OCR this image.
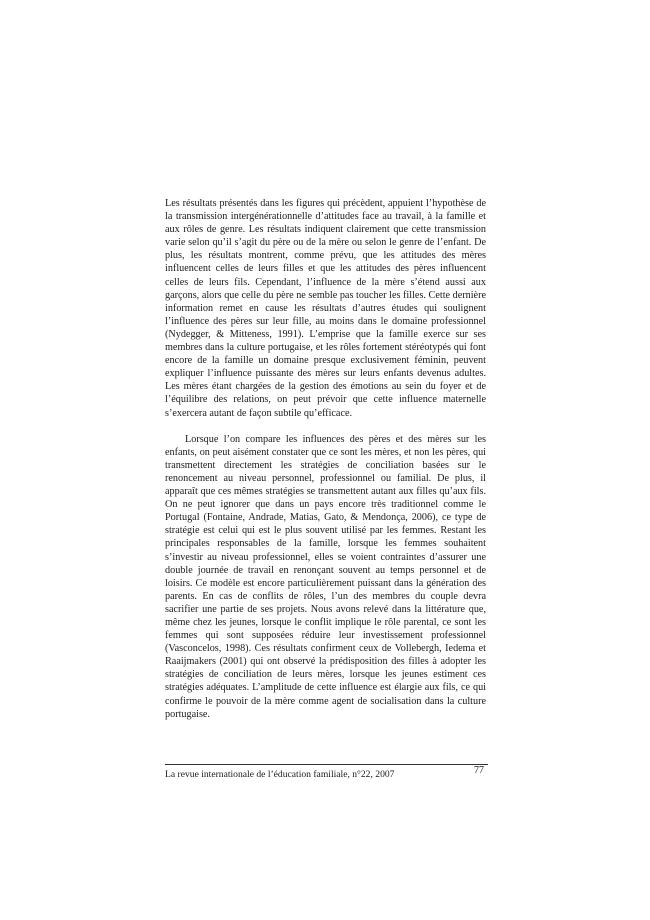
Les résultats présentés dans les figures qui précèdent, appuient l’hypothèse de la transmission intergénérationnelle d’attitudes face au travail, à la famille et aux rôles de genre. Les résultats indiquent clairement que cette transmission varie selon qu’il s’agit du père ou de la mère ou selon le genre de l’enfant. De plus, les résultats montrent, comme prévu, que les attitudes des mères influencent celles de leurs filles et que les attitudes des pères influencent celles de leurs fils. Cependant, l’influence de la mère s’étend aussi aux garçons, alors que celle du père ne semble pas toucher les filles. Cette dernière information remet en cause les résultats d’autres études qui soulignent l’influence des pères sur leur fille, au moins dans le domaine professionnel (Nydegger, & Mitteness, 1991). L’emprise que la famille exerce sur ses membres dans la culture portugaise, et les rôles fortement stéréotypés qui font encore de la famille un domaine presque exclusivement féminin, peuvent expliquer l’influence puissante des mères sur leurs enfants devenus adultes. Les mères étant chargées de la gestion des émotions au sein du foyer et de l’équilibre des relations, on peut prévoir que cette influence maternelle s’exercera autant de façon subtile qu’efficace.

Lorsque l’on compare les influences des pères et des mères sur les enfants, on peut aisément constater que ce sont les mères, et non les pères, qui transmettent directement les stratégies de conciliation basées sur le renoncement au niveau personnel, professionnel ou familial. De plus, il apparaît que ces mêmes stratégies se transmettent autant aux filles qu’aux fils. On ne peut ignorer que dans un pays encore très traditionnel comme le Portugal (Fontaine, Andrade, Matias, Gato, & Mendonça, 2006), ce type de stratégie est celui qui est le plus souvent utilisé par les femmes. Restant les principales responsables de la famille, lorsque les femmes souhaitent s’investir au niveau professionnel, elles se voient contraintes d’assurer une double journée de travail en renonçant souvent au temps personnel et de loisirs. Ce modèle est encore particulièrement puissant dans la génération des parents. En cas de conflits de rôles, l’un des membres du couple devra sacrifier une partie de ses projets. Nous avons relevé dans la littérature que, même chez les jeunes, lorsque le conflit implique le rôle parental, ce sont les femmes qui sont supposées réduire leur investissement professionnel (Vasconcelos, 1998). Ces résultats confirment ceux de Vollebergh, Iedema et Raaijmakers (2001) qui ont observé la prédisposition des filles à adopter les stratégies de conciliation de leurs mères, lorsque les jeunes estiment ces stratégies adéquates. L’amplitude de cette influence est élargie aux fils, ce qui confirme le pouvoir de la mère comme agent de socialisation dans la culture portugaise.

La revue internationale de l’éducation familiale, n°22, 2007	77
